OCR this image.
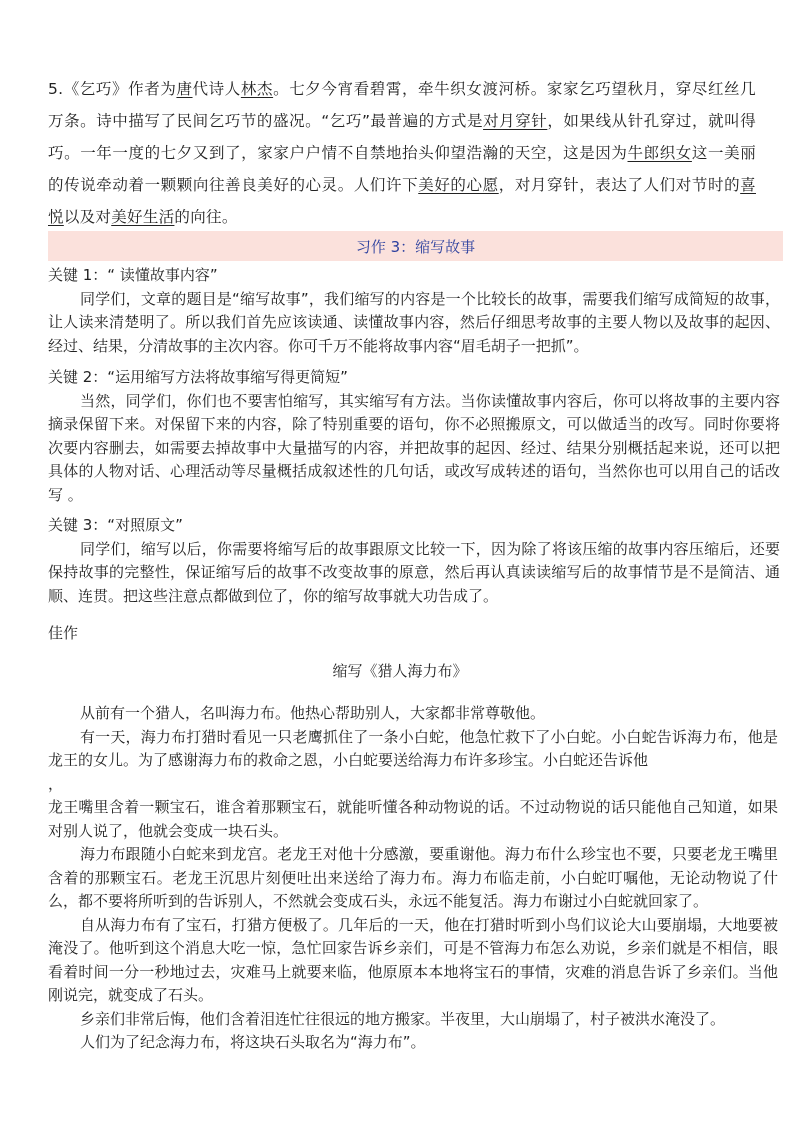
5.《乞巧》作者为唐代诗人林杰。七夕今宵看碧霄，牵牛织女渡河桥。家家乞巧望秋月，穿尽红丝几万条。诗中描写了民间乞巧节的盛况。“乞巧”最普遍的方式是对月穿针，如果线从针孔穿过，就叫得巧。一年一度的七夕又到了，家家户户情不自禁地抬头仰望浩瀚的天空，这是因为牛郎织女这一美丽的传说牵动着一颗颗向往善良美好的心灵。人们许下美好的心愿，对月穿针，表达了人们对节时的喜悦以及对美好生活的向往。
习作 3：缩写故事

关键 1：“ 读懂故事内容”

同学们，文章的题目是“缩写故事”，我们缩写的内容是一个比较长的故事，需要我们缩写成简短的故事，让人读来清楚明了。所以我们首先应该读通、读懂故事内容，然后仔细思考故事的主要人物以及故事的起因、经过、结果，分清故事的主次内容。你可千万不能将故事内容“眉毛胡子一把抓”。

关键 2：“运用缩写方法将故事缩写得更简短”

当然，同学们，你们也不要害怕缩写，其实缩写有方法。当你读懂故事内容后，你可以将故事的主要内容摘录保留下来。对保留下来的内容，除了特别重要的语句，你不必照搬原文，可以做适当的改写。同时你要将次要内容删去，如需要去掉故事中大量描写的内容，并把故事的起因、经过、结果分别概括起来说，还可以把具体的人物对话、心理活动等尽量概括成叙述性的几句话，或改写成转述的语句，当然你也可以用自己的话改写 。

关键 3：“对照原文”

同学们，缩写以后，你需要将缩写后的故事跟原文比较一下，因为除了将该压缩的故事内容压缩后，还要保持故事的完整性，保证缩写后的故事不改变故事的原意，然后再认真读读缩写后的故事情节是不是简洁、通顺、连贯。把这些注意点都做到位了，你的缩写故事就大功告成了。

佳作
缩写《猎人海力布》

从前有一个猎人，名叫海力布。他热心帮助别人，大家都非常尊敬他。

有一天，海力布打猎时看见一只老鹰抓住了一条小白蛇，他急忙救下了小白蛇。小白蛇告诉海力布，他是龙王的女儿。为了感谢海力布的救命之恩，小白蛇要送给海力布许多珍宝。小白蛇还告诉他

，

龙王嘴里含着一颗宝石，谁含着那颗宝石，就能听懂各种动物说的话。不过动物说的话只能他自己知道，如果对别人说了，他就会变成一块石头。

海力布跟随小白蛇来到龙宫。老龙王对他十分感激，要重谢他。海力布什么珍宝也不要，只要老龙王嘴里含着的那颗宝石。老龙王沉思片刻便吐出来送给了海力布。海力布临走前，小白蛇叮嘱他，无论动物说了什么，都不要将所听到的告诉别人，不然就会变成石头，永远不能复活。海力布谢过小白蛇就回家了。

自从海力布有了宝石，打猎方便极了。几年后的一天，他在打猎时听到小鸟们议论大山要崩塌，大地要被淹没了。他听到这个消息大吃一惊，急忙回家告诉乡亲们，可是不管海力布怎么劝说，乡亲们就是不相信，眼看着时间一分一秒地过去，灾难马上就要来临，他原原本本地将宝石的事情，灾难的消息告诉了乡亲们。当他刚说完，就变成了石头。

乡亲们非常后悔，他们含着泪连忙往很远的地方搬家。半夜里，大山崩塌了，村子被洪水淹没了。

人们为了纪念海力布，将这块石头取名为“海力布”。
